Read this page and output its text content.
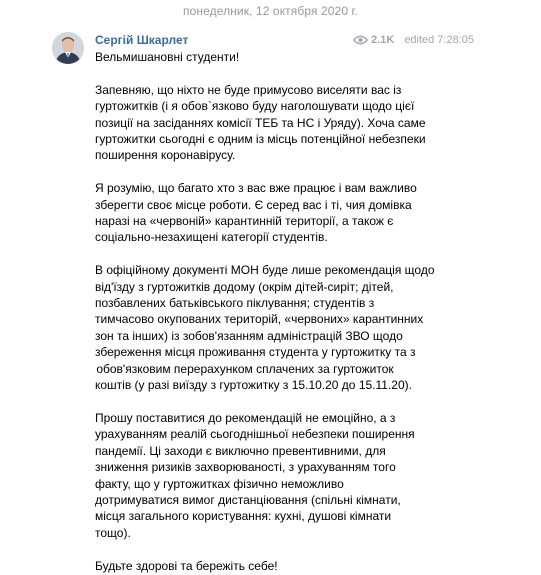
понеделник, 12 октября 2020 г.
Сергій Шкарлет	2.1K edited 7:28:05

Вельмишановні студенти!

Запевняю, що ніхто не буде примусово виселяти вас із
гуртожитків (і я обов`язково буду наголошувати щодо цієї
позиції на засіданнях комісії ТЕБ та НС і Уряду). Хоча саме
гуртожитки сьогодні є одним із місць потенційної небезпеки
поширення коронавірусу.

Я розумію, що багато хто з вас вже працює і вам важливо
зберегти своє місце роботи. Є серед вас і ті, чия домівка
наразі на «червоній» карантинній території, а також є
соціально-незахищені категорії студентів.

В офіційному документі МОН буде лише рекомендація щодо
від'їзду з гуртожитків додому (окрім дітей-сиріт; дітей,
позбавлених батьківського піклування; студентів з
тимчасово окупованих територій, «червоних» карантинних
зон та інших) із зобов'язанням адміністрацій ЗВО щодо
збереження місця проживання студента у гуртожитку та з
обов'язковим перерахунком сплачених за гуртожиток
коштів (у разі виїзду з гуртожитку з 15.10.20 до 15.11.20).

Прошу поставитися до рекомендацій не емоційно, а з
урахуванням реалій сьогоднішньої небезпеки поширення
пандемії. Ці заходи є виключно превентивними, для
зниження ризиків захворюваності, з урахуванням того
факту, що у гуртожитках фізично неможливо
дотримуватися вимог дистанціювання (спільні кімнати,
місця загального користування: кухні, душові кімнати
тощо).

Будьте здорові та бережіть себе!
